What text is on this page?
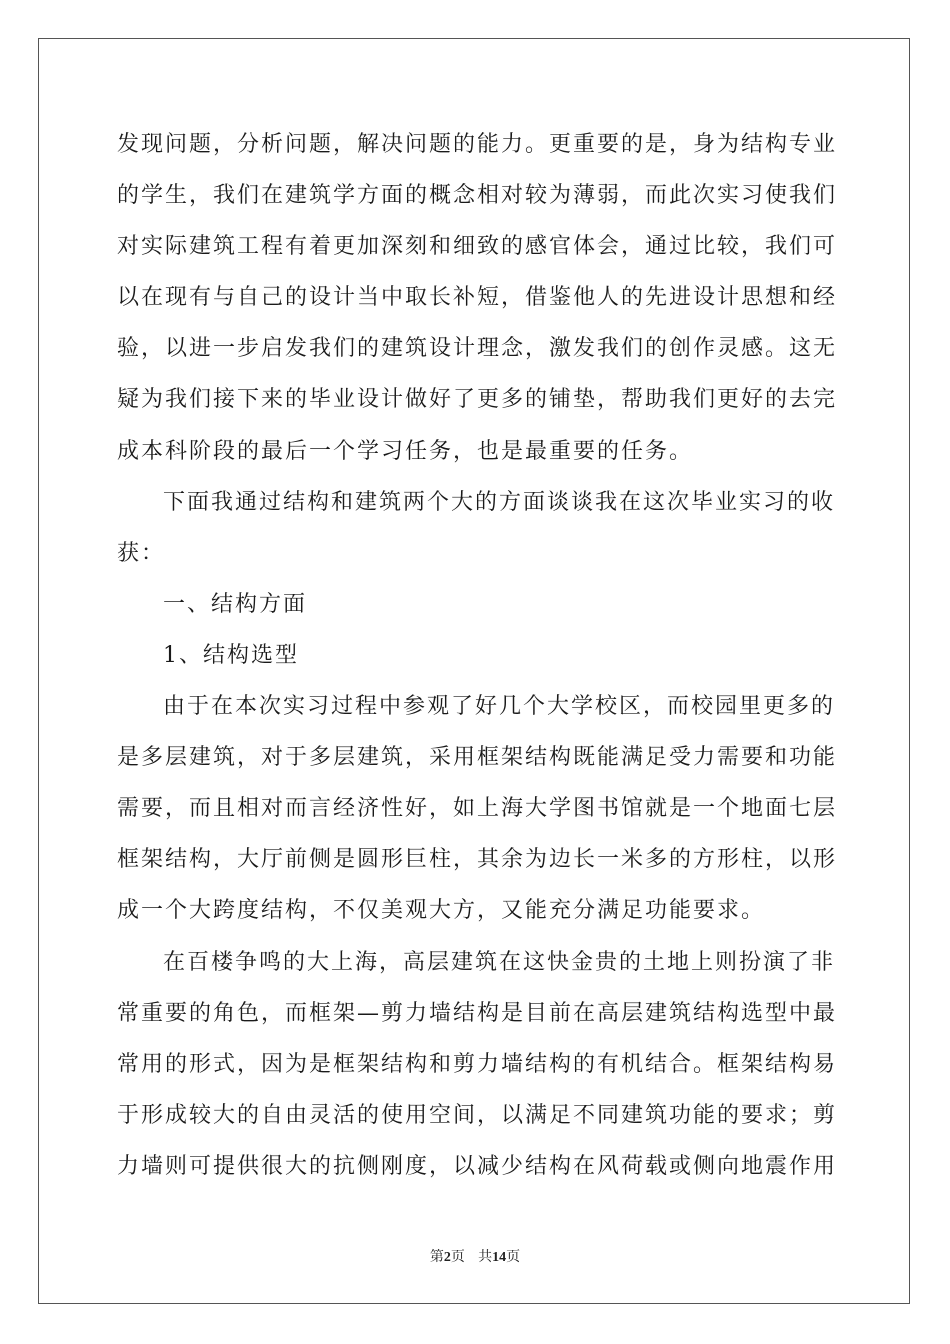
发现问题，分析问题，解决问题的能力。更重要的是，身为结构专业
的学生，我们在建筑学方面的概念相对较为薄弱，而此次实习使我们
对实际建筑工程有着更加深刻和细致的感官体会，通过比较，我们可
以在现有与自己的设计当中取长补短，借鉴他人的先进设计思想和经
验，以进一步启发我们的建筑设计理念，激发我们的创作灵感。这无
疑为我们接下来的毕业设计做好了更多的铺垫，帮助我们更好的去完
成本科阶段的最后一个学习任务，也是最重要的任务。
下面我通过结构和建筑两个大的方面谈谈我在这次毕业实习的收
获：
一、结构方面
1、结构选型
由于在本次实习过程中参观了好几个大学校区，而校园里更多的
是多层建筑，对于多层建筑，采用框架结构既能满足受力需要和功能
需要，而且相对而言经济性好，如上海大学图书馆就是一个地面七层
框架结构，大厅前侧是圆形巨柱，其余为边长一米多的方形柱，以形
成一个大跨度结构，不仅美观大方，又能充分满足功能要求。
在百楼争鸣的大上海，高层建筑在这快金贵的土地上则扮演了非
常重要的角色，而框架—剪力墙结构是目前在高层建筑结构选型中最
常用的形式，因为是框架结构和剪力墙结构的有机结合。框架结构易
于形成较大的自由灵活的使用空间，以满足不同建筑功能的要求；剪
力墙则可提供很大的抗侧刚度，以减少结构在风荷载或侧向地震作用
第2页 共14页
